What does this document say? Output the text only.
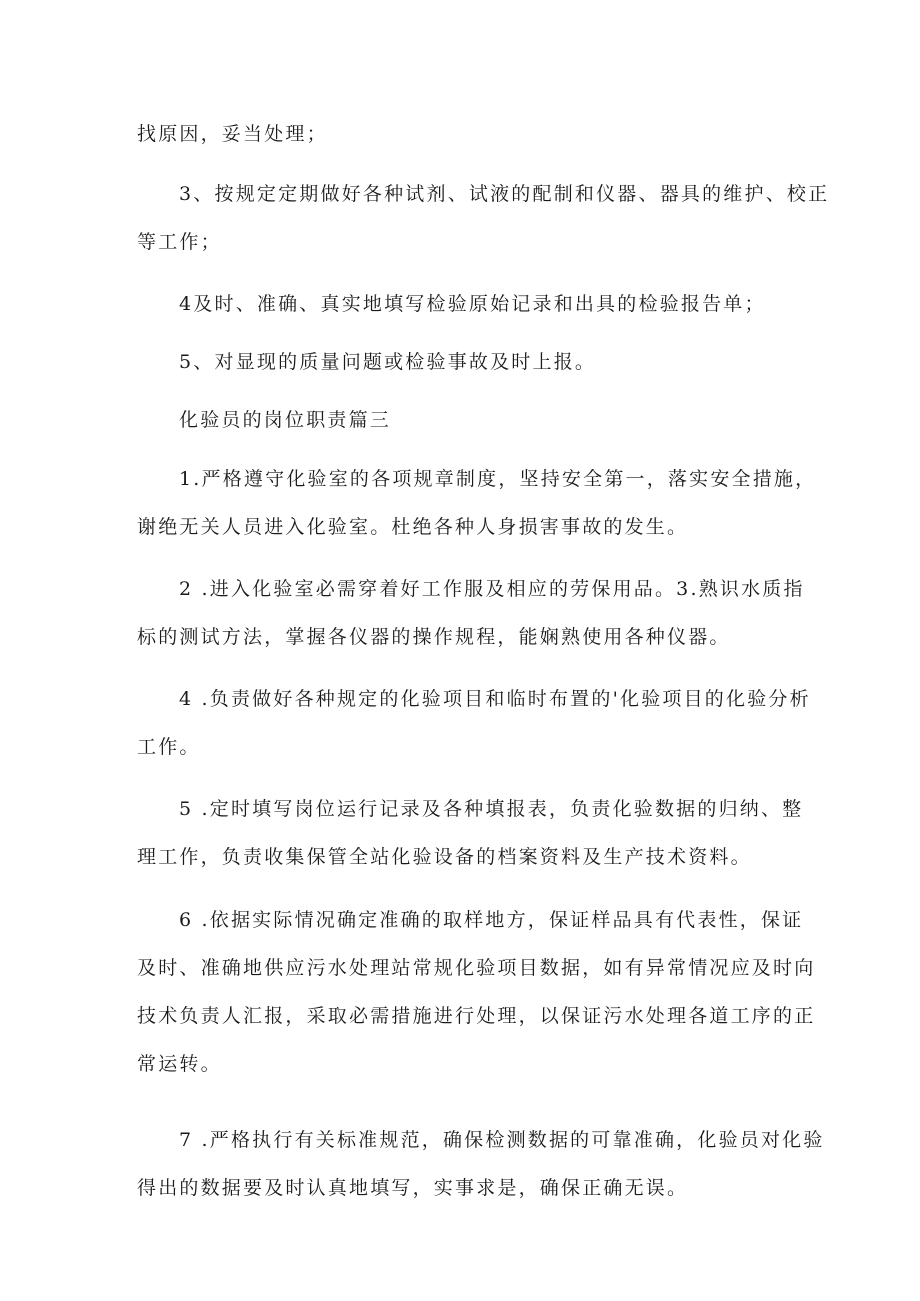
找原因，妥当处理；

3、按规定定期做好各种试剂、试液的配制和仪器、器具的维护、校正
等工作；

4及时、准确、真实地填写检验原始记录和出具的检验报告单；

5、对显现的质量问题或检验事故及时上报。

化验员的岗位职责篇三

1.严格遵守化验室的各项规章制度，坚持安全第一，落实安全措施，
谢绝无关人员进入化验室。杜绝各种人身损害事故的发生。

2 .进入化验室必需穿着好工作服及相应的劳保用品。3.熟识水质指
标的测试方法，掌握各仪器的操作规程，能娴熟使用各种仪器。

4 .负责做好各种规定的化验项目和临时布置的'化验项目的化验分析
工作。

5 .定时填写岗位运行记录及各种填报表，负责化验数据的归纳、整
理工作，负责收集保管全站化验设备的档案资料及生产技术资料。

6 .依据实际情况确定准确的取样地方，保证样品具有代表性，保证
及时、准确地供应污水处理站常规化验项目数据，如有异常情况应及时向
技术负责人汇报，采取必需措施进行处理，以保证污水处理各道工序的正
常运转。

7 .严格执行有关标准规范，确保检测数据的可靠准确，化验员对化验
得出的数据要及时认真地填写，实事求是，确保正确无误。
